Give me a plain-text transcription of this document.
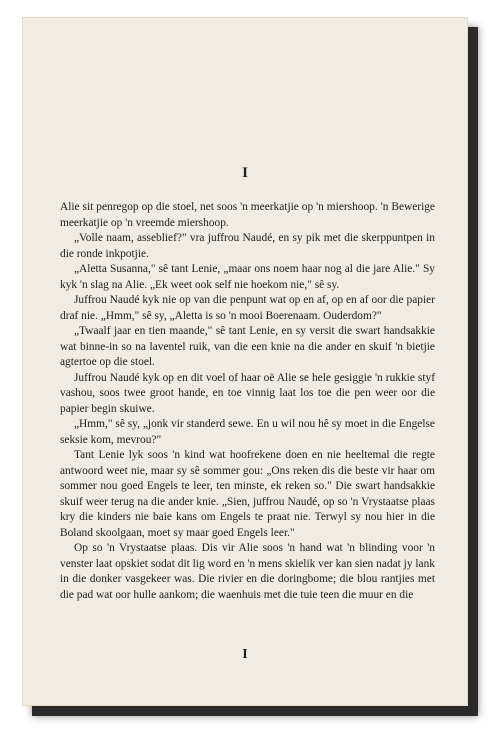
I

Alie sit penregop op die stoel, net soos 'n meerkatjie op 'n miershoop. 'n Bewerige meerkatjie op 'n vreemde miershoop.

„Volle naam, asseblief?" vra juffrou Naudé, en sy pik met die skerppuntpen in die ronde inkpotjie.

„Aletta Susanna," sê tant Lenie, „maar ons noem haar nog al die jare Alie." Sy kyk 'n slag na Alie. „Ek weet ook self nie hoekom nie," sê sy.

Juffrou Naudé kyk nie op van die penpunt wat op en af, op en af oor die papier draf nie. „Hmm," sê sy, „Aletta is so 'n mooi Boerenaam. Ouderdom?"

„Twaalf jaar en tien maande," sê tant Lenie, en sy versit die swart handsakkie wat binne-in so na laventel ruik, van die een knie na die ander en skuif 'n bietjie agtertoe op die stoel.

Juffrou Naudé kyk op en dit voel of haar oë Alie se hele gesiggie 'n rukkie styf vashou, soos twee groot hande, en toe vinnig laat los toe die pen weer oor die papier begin skuiwe.

„Hmm," sê sy, „jonk vir standerd sewe. En u wil nou hê sy moet in die Engelse seksie kom, mevrou?"

Tant Lenie lyk soos 'n kind wat hoofrekene doen en nie heeltemal die regte antwoord weet nie, maar sy sê sommer gou: „Ons reken dis die beste vir haar om sommer nou goed Engels te leer, ten minste, ek reken so." Die swart handsakkie skuif weer terug na die ander knie. „Sien, juffrou Naudé, op so 'n Vrystaatse plaas kry die kinders nie baie kans om Engels te praat nie. Terwyl sy nou hier in die Boland skoolgaan, moet sy maar goed Engels leer."

Op so 'n Vrystaatse plaas. Dis vir Alie soos 'n hand wat 'n blinding voor 'n venster laat opskiet sodat dit lig word en 'n mens skielik ver kan sien nadat jy lank in die donker vasgekeer was. Die rivier en die doringbome; die blou rantjies met die pad wat oor hulle aankom; die waenhuis met die tuie teen die muur en die

I
